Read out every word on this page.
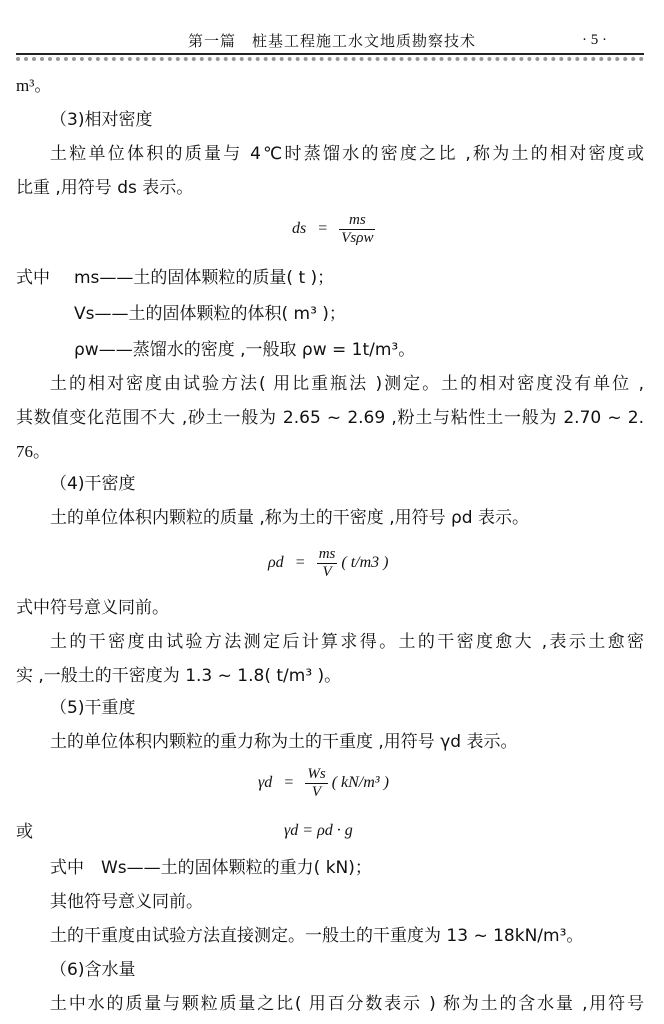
第一篇　桩基工程施工水文地质勘察技术	· 5 ·
m³。
（3)相对密度
土粒单位体积的质量与 4℃时蒸馏水的密度之比 ,称为土的相对密度或
比重 ,用符号 ds 表示。
ds = $\frac{ms}{\text{Vsρw}}$
式中 ms——土的固体颗粒的质量( t )；
Vs——土的固体颗粒的体积( m³ )；
ρw——蒸馏水的密度 ,一般取 ρw = 1t/m³。
土的相对密度由试验方法( 用比重瓶法 )测定。土的相对密度没有单位 ,
其数值变化范围不大 ,砂土一般为 2.65 ~ 2.69 ,粉土与粘性土一般为 2.70 ~ 2.
76。
（4)干密度
土的单位体积内颗粒的质量 ,称为土的干密度 ,用符号 ρd 表示。
$\rho d = \frac{ms}{V}$ ( t/m3 )
式中符号意义同前。
土的干密度由试验方法测定后计算求得。土的干密度愈大 ,表示土愈密
实 ,一般土的干密度为 1.3 ~ 1.8( t/m³ )。
（5)干重度
土的单位体积内颗粒的重力称为土的干重度 ,用符号 γd 表示。
$\gamma d = \frac{Ws}{V}$ ( kN/m³ )
或	γd = ρd · g
式中　Ws——土的固体颗粒的重力( kN)；
其他符号意义同前。
土的干重度由试验方法直接测定。一般土的干重度为 13 ~ 18kN/m³。
（6)含水量
土中水的质量与颗粒质量之比( 用百分数表示 ) 称为土的含水量 ,用符号
